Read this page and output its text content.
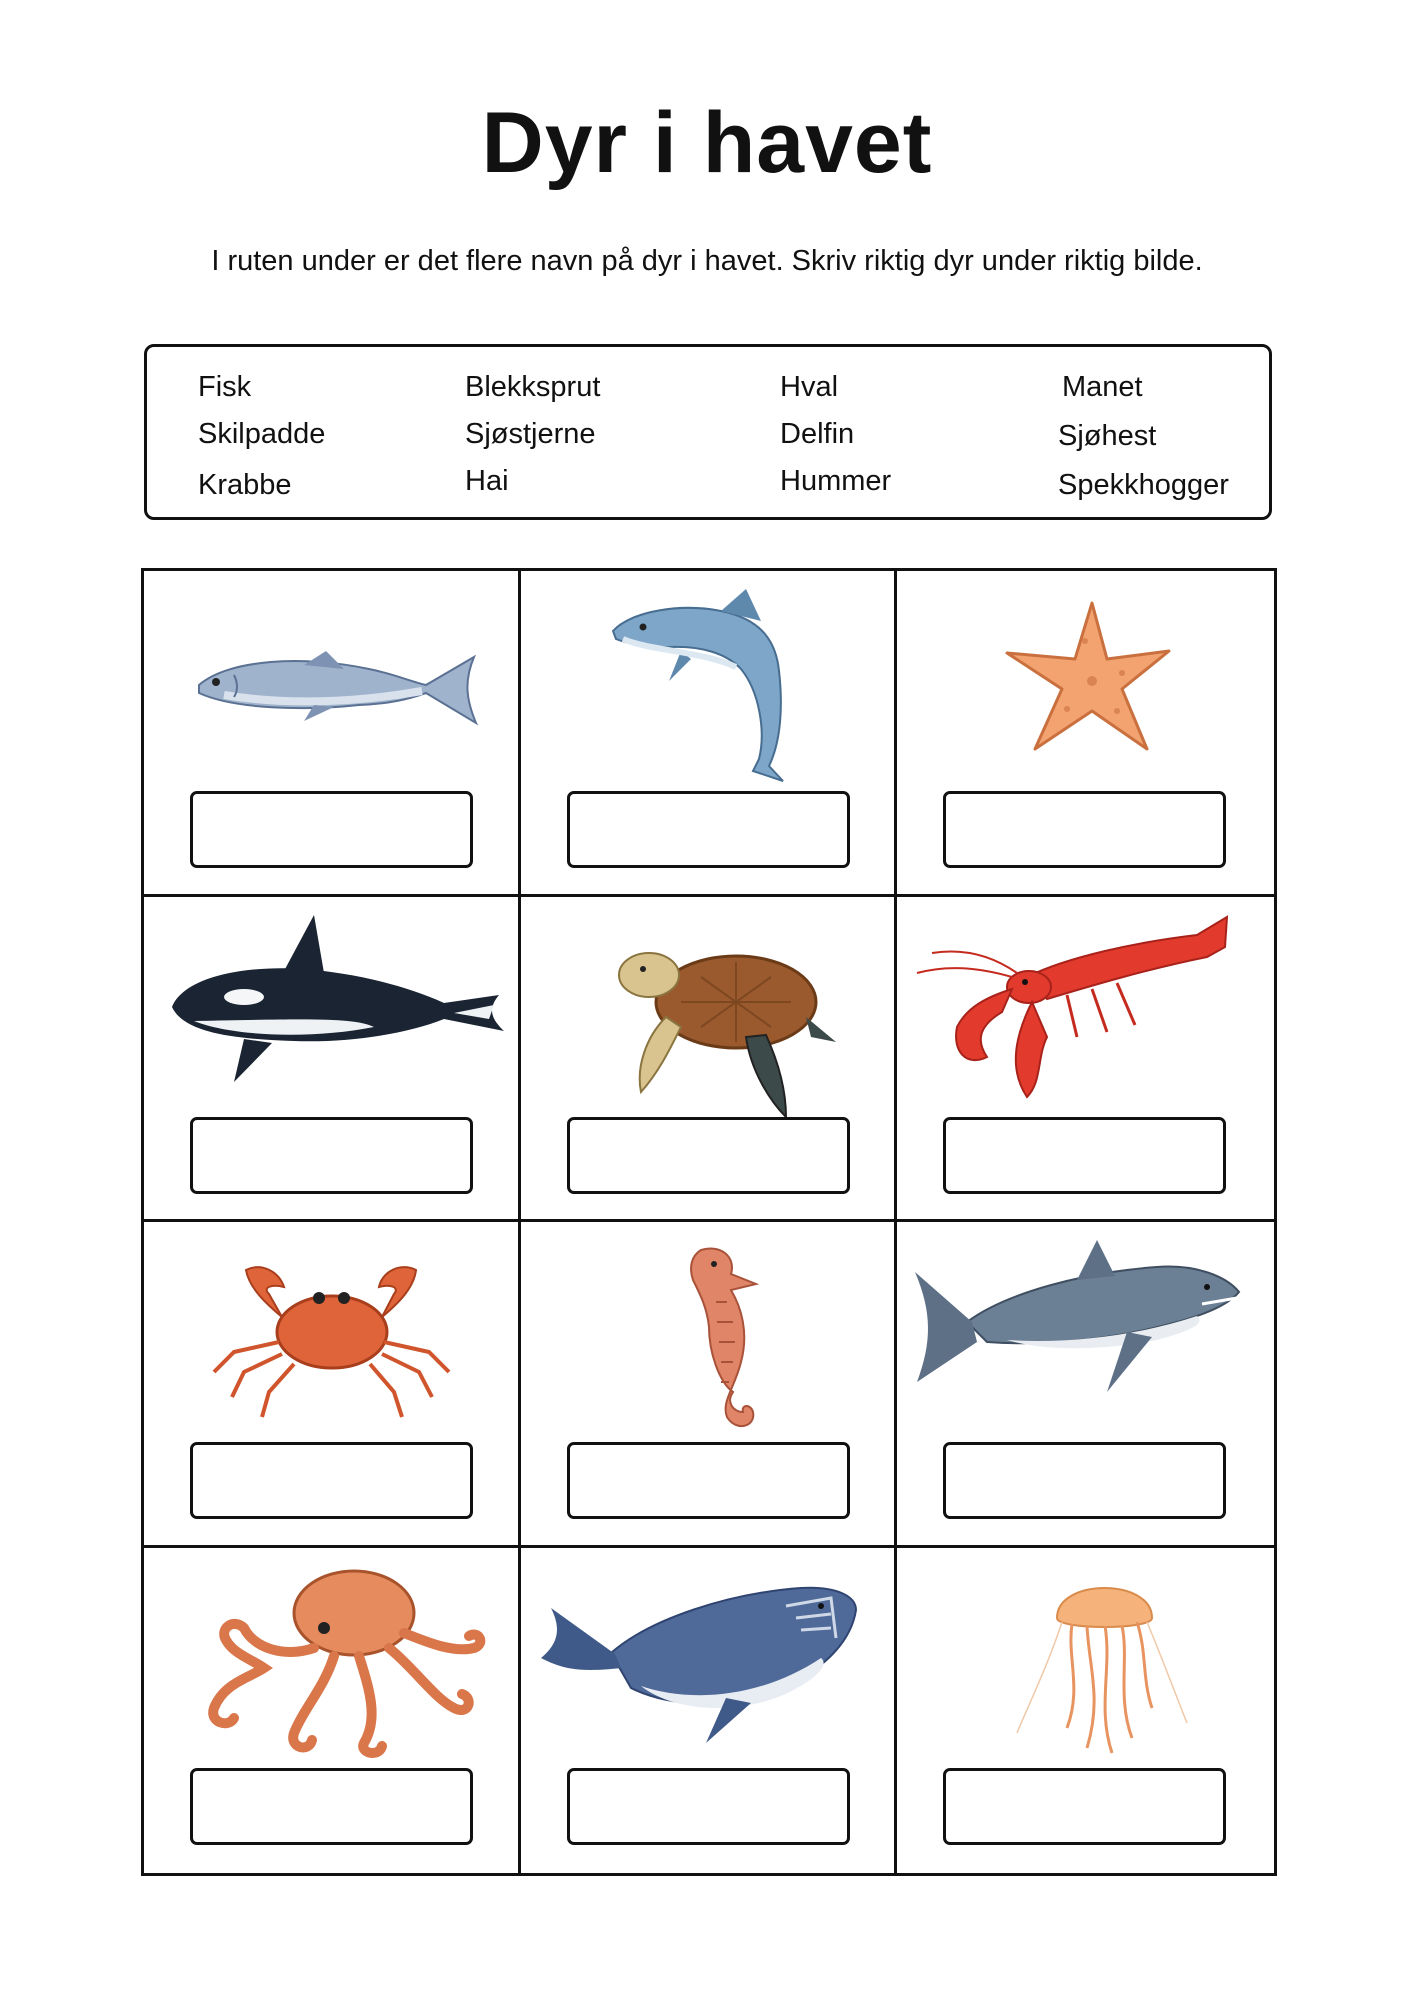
Dyr i havet

I ruten under er det flere navn på dyr i havet. Skriv riktig dyr under riktig bilde.

Fisk
Skilpadde
Krabbe
Blekksprut
Sjøstjerne
Hai
Hval
Delfin
Hummer
Manet
Sjøhest
Spekkhogger
